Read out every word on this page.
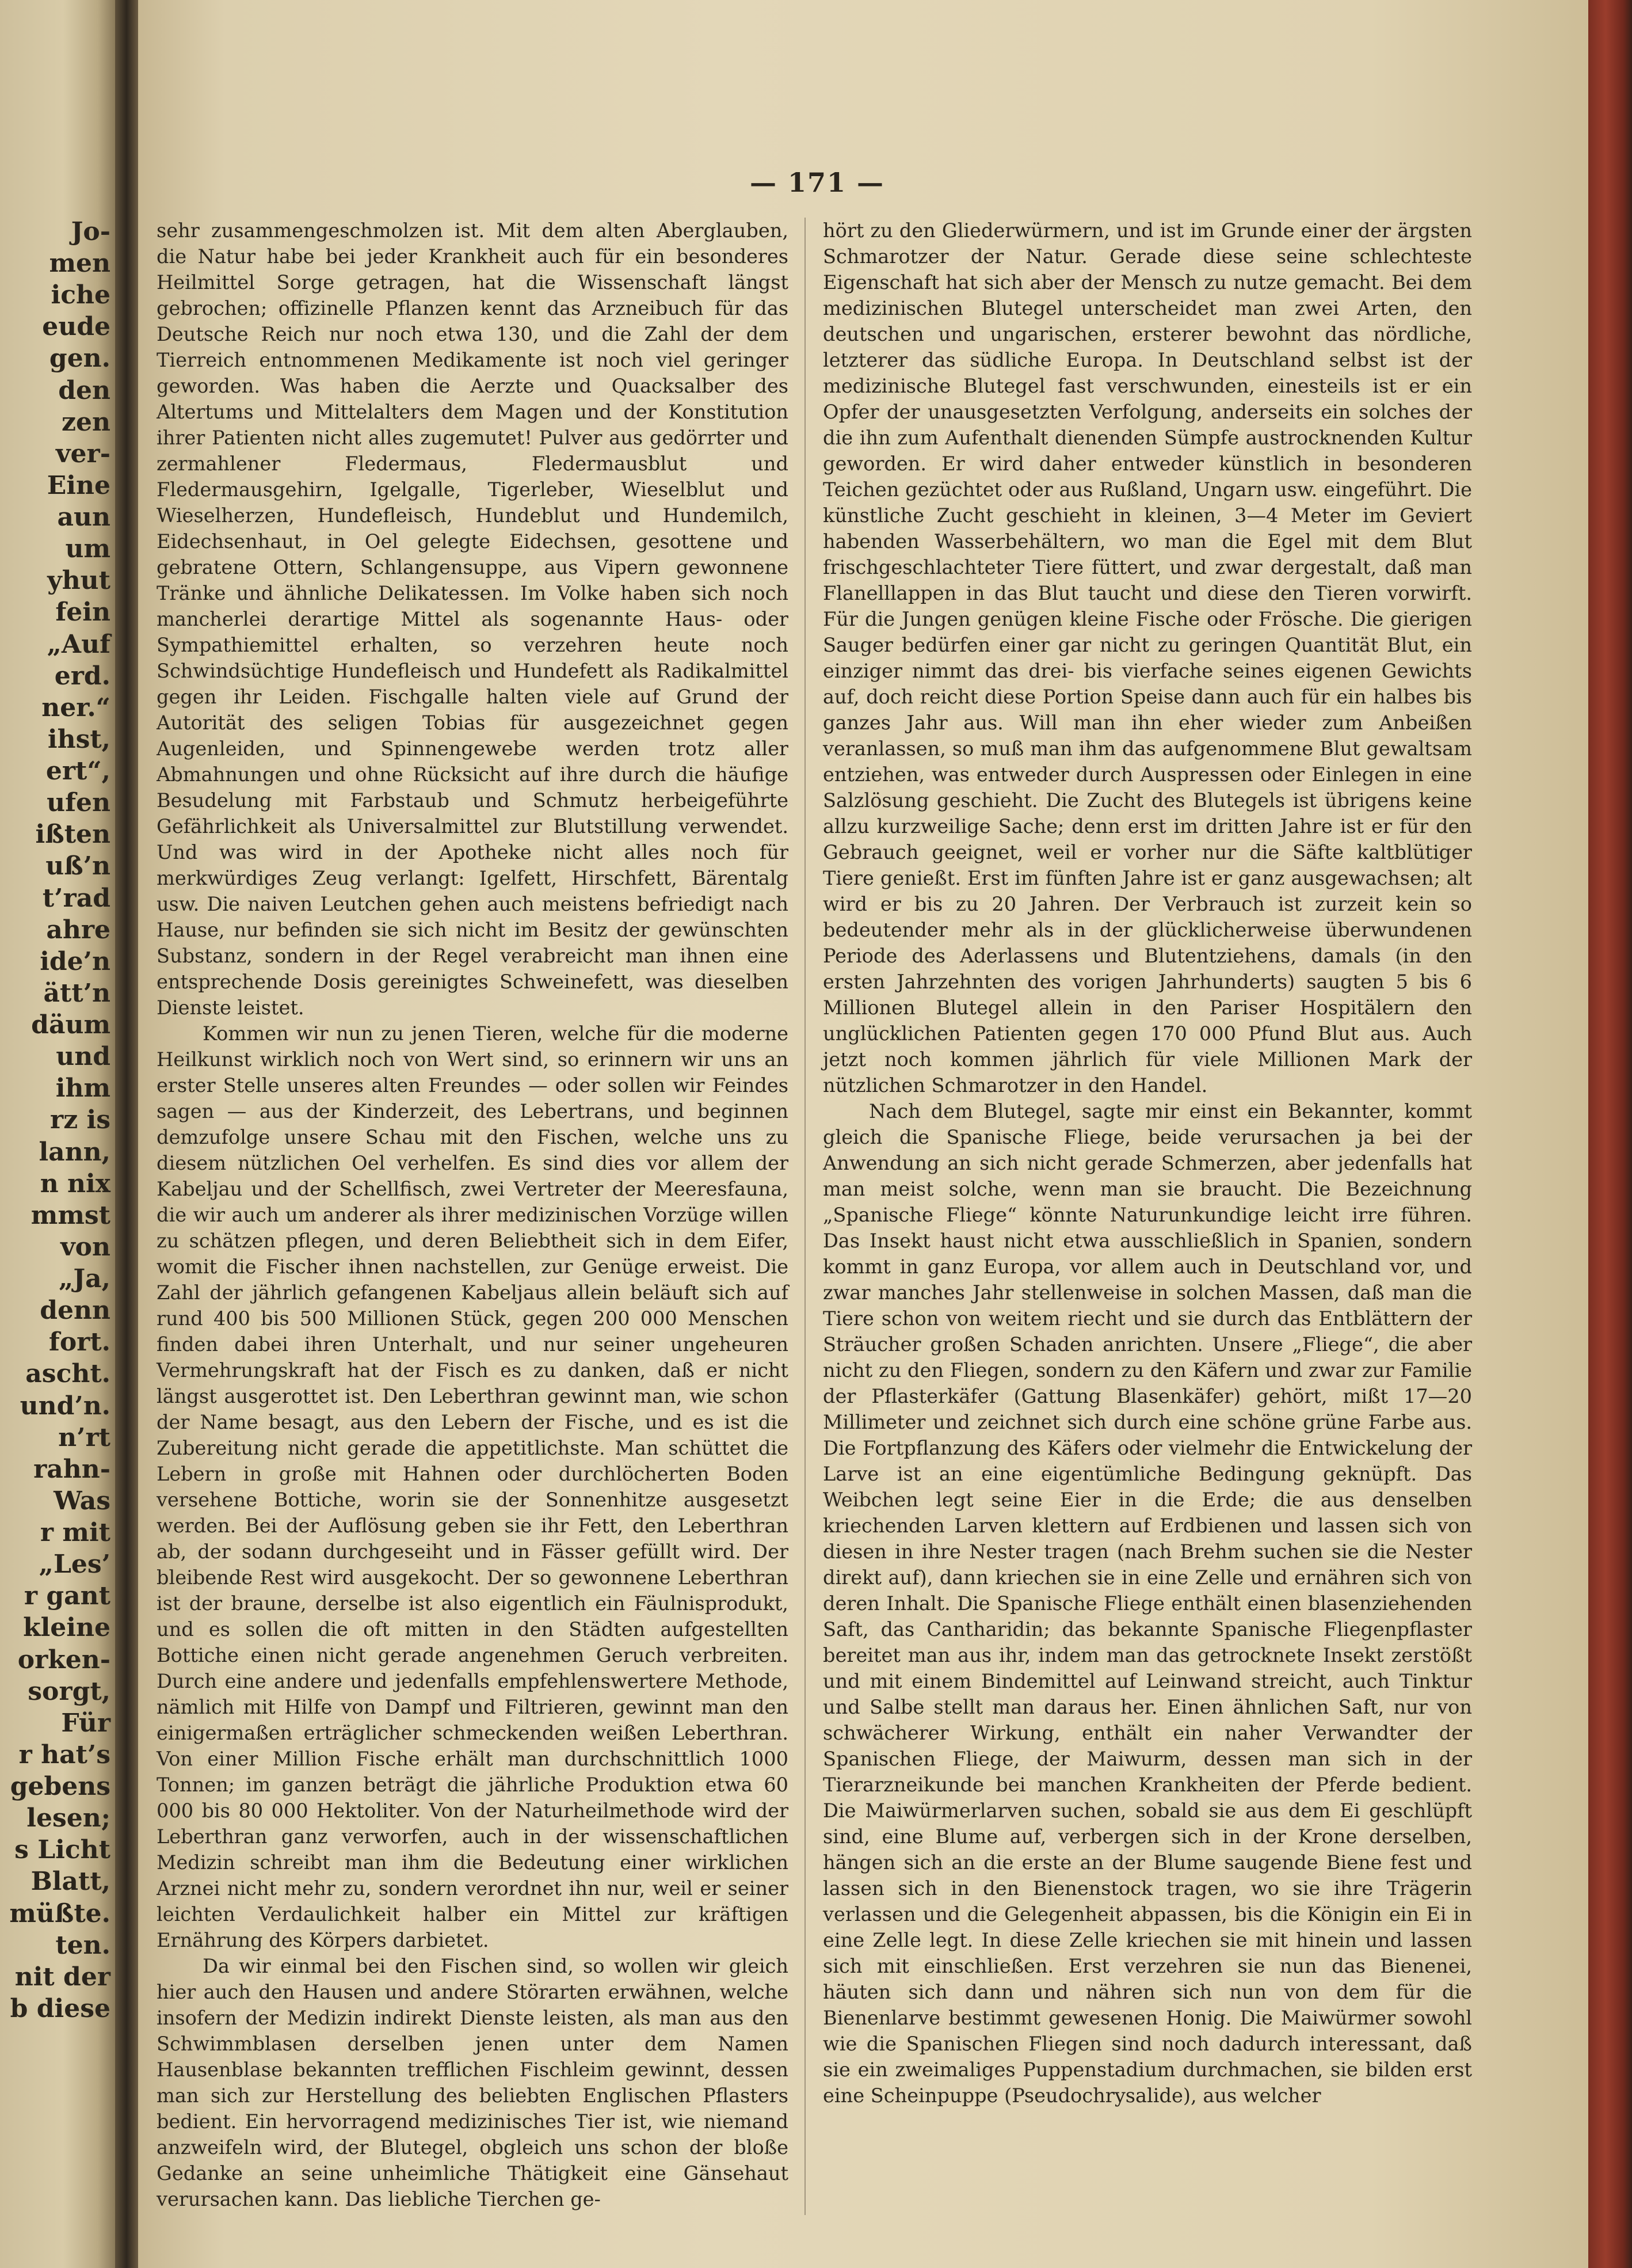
Jo-
men
iche
eude
gen.
den
zen
ver-
Eine
aun
um
yhut
fein
„Auf
erd.
ner.“
ihst,
ert“,
ufen
ißten
uß’n
t’rad
ahre
ide’n
ätt’n
däum
und
ihm
rz is
lann,
n nix
mmst
von
„Ja,
denn
fort.
ascht.
und’n.
n’rt
rahn-
Was
r mit
„Les’
r gant
kleine
orken-
sorgt,
Für
r hat’s
gebens
lesen;
s Licht
Blatt,
müßte.
ten.
nit der
b diese
— 171 —

sehr zusammengeschmolzen ist. Mit dem alten Aberglauben, die Natur habe bei jeder Krankheit auch für ein besonderes Heilmittel Sorge getragen, hat die Wissenschaft längst gebrochen; offizinelle Pflanzen kennt das Arzneibuch für das Deutsche Reich nur noch etwa 130, und die Zahl der dem Tierreich entnommenen Medikamente ist noch viel geringer geworden. Was haben die Aerzte und Quacksalber des Altertums und Mittelalters dem Magen und der Konstitution ihrer Patienten nicht alles zugemutet! Pulver aus gedörrter und zermahlener Fledermaus, Fledermausblut und Fledermausgehirn, Igelgalle, Tigerleber, Wieselblut und Wieselherzen, Hundefleisch, Hundeblut und Hundemilch, Eidechsenhaut, in Oel gelegte Eidechsen, gesottene und gebratene Ottern, Schlangensuppe, aus Vipern gewonnene Tränke und ähnliche Delikatessen. Im Volke haben sich noch mancherlei derartige Mittel als sogenannte Haus- oder Sympathiemittel erhalten, so verzehren heute noch Schwindsüchtige Hundefleisch und Hundefett als Radikalmittel gegen ihr Leiden. Fischgalle halten viele auf Grund der Autorität des seligen Tobias für ausgezeichnet gegen Augenleiden, und Spinnengewebe werden trotz aller Abmahnungen und ohne Rücksicht auf ihre durch die häufige Besudelung mit Farbstaub und Schmutz herbeigeführte Gefährlichkeit als Universalmittel zur Blutstillung verwendet. Und was wird in der Apotheke nicht alles noch für merkwürdiges Zeug verlangt: Igelfett, Hirschfett, Bärentalg usw. Die naiven Leutchen gehen auch meistens befriedigt nach Hause, nur befinden sie sich nicht im Besitz der gewünschten Substanz, sondern in der Regel verabreicht man ihnen eine entsprechende Dosis gereinigtes Schweinefett, was dieselben Dienste leistet.

Kommen wir nun zu jenen Tieren, welche für die moderne Heilkunst wirklich noch von Wert sind, so erinnern wir uns an erster Stelle unseres alten Freundes — oder sollen wir Feindes sagen — aus der Kinderzeit, des Lebertrans, und beginnen demzufolge unsere Schau mit den Fischen, welche uns zu diesem nützlichen Oel verhelfen. Es sind dies vor allem der Kabeljau und der Schellfisch, zwei Vertreter der Meeresfauna, die wir auch um anderer als ihrer medizinischen Vorzüge willen zu schätzen pflegen, und deren Beliebtheit sich in dem Eifer, womit die Fischer ihnen nachstellen, zur Genüge erweist. Die Zahl der jährlich gefangenen Kabeljaus allein beläuft sich auf rund 400 bis 500 Millionen Stück, gegen 200 000 Menschen finden dabei ihren Unterhalt, und nur seiner ungeheuren Vermehrungskraft hat der Fisch es zu danken, daß er nicht längst ausgerottet ist. Den Leberthran gewinnt man, wie schon der Name besagt, aus den Lebern der Fische, und es ist die Zubereitung nicht gerade die appetitlichste. Man schüttet die Lebern in große mit Hahnen oder durchlöcherten Boden versehene Bottiche, worin sie der Sonnenhitze ausgesetzt werden. Bei der Auflösung geben sie ihr Fett, den Leberthran ab, der sodann durchgeseiht und in Fässer gefüllt wird. Der bleibende Rest wird ausgekocht. Der so gewonnene Leberthran ist der braune, derselbe ist also eigentlich ein Fäulnisprodukt, und es sollen die oft mitten in den Städten aufgestellten Bottiche einen nicht gerade angenehmen Geruch verbreiten. Durch eine andere und jedenfalls empfehlenswertere Methode, nämlich mit Hilfe von Dampf und Filtrieren, gewinnt man den einigermaßen erträglicher schmeckenden weißen Leberthran. Von einer Million Fische erhält man durchschnittlich 1000 Tonnen; im ganzen beträgt die jährliche Produktion etwa 60 000 bis 80 000 Hektoliter. Von der Naturheilmethode wird der Leberthran ganz verworfen, auch in der wissenschaftlichen Medizin schreibt man ihm die Bedeutung einer wirklichen Arznei nicht mehr zu, sondern verordnet ihn nur, weil er seiner leichten Verdaulichkeit halber ein Mittel zur kräftigen Ernährung des Körpers darbietet.

Da wir einmal bei den Fischen sind, so wollen wir gleich hier auch den Hausen und andere Störarten erwähnen, welche insofern der Medizin indirekt Dienste leisten, als man aus den Schwimmblasen derselben jenen unter dem Namen Hausenblase bekannten trefflichen Fischleim gewinnt, dessen man sich zur Herstellung des beliebten Englischen Pflasters bedient. Ein hervorragend medizinisches Tier ist, wie niemand anzweifeln wird, der Blutegel, obgleich uns schon der bloße Gedanke an seine unheimliche Thätigkeit eine Gänsehaut verursachen kann. Das liebliche Tierchen ge-

hört zu den Gliederwürmern, und ist im Grunde einer der ärgsten Schmarotzer der Natur. Gerade diese seine schlechteste Eigenschaft hat sich aber der Mensch zu nutze gemacht. Bei dem medizinischen Blutegel unterscheidet man zwei Arten, den deutschen und ungarischen, ersterer bewohnt das nördliche, letzterer das südliche Europa. In Deutschland selbst ist der medizinische Blutegel fast verschwunden, einesteils ist er ein Opfer der unausgesetzten Verfolgung, anderseits ein solches der die ihn zum Aufenthalt dienenden Sümpfe austrocknenden Kultur geworden. Er wird daher entweder künstlich in besonderen Teichen gezüchtet oder aus Rußland, Ungarn usw. eingeführt. Die künstliche Zucht geschieht in kleinen, 3—4 Meter im Geviert habenden Wasserbehältern, wo man die Egel mit dem Blut frischgeschlachteter Tiere füttert, und zwar dergestalt, daß man Flanelllappen in das Blut taucht und diese den Tieren vorwirft. Für die Jungen genügen kleine Fische oder Frösche. Die gierigen Sauger bedürfen einer gar nicht zu geringen Quantität Blut, ein einziger nimmt das drei- bis vierfache seines eigenen Gewichts auf, doch reicht diese Portion Speise dann auch für ein halbes bis ganzes Jahr aus. Will man ihn eher wieder zum Anbeißen veranlassen, so muß man ihm das aufgenommene Blut gewaltsam entziehen, was entweder durch Auspressen oder Einlegen in eine Salzlösung geschieht. Die Zucht des Blutegels ist übrigens keine allzu kurzweilige Sache; denn erst im dritten Jahre ist er für den Gebrauch geeignet, weil er vorher nur die Säfte kaltblütiger Tiere genießt. Erst im fünften Jahre ist er ganz ausgewachsen; alt wird er bis zu 20 Jahren. Der Verbrauch ist zurzeit kein so bedeutender mehr als in der glücklicherweise überwundenen Periode des Aderlassens und Blutentziehens, damals (in den ersten Jahrzehnten des vorigen Jahrhunderts) saugten 5 bis 6 Millionen Blutegel allein in den Pariser Hospitälern den unglücklichen Patienten gegen 170 000 Pfund Blut aus. Auch jetzt noch kommen jährlich für viele Millionen Mark der nützlichen Schmarotzer in den Handel.

Nach dem Blutegel, sagte mir einst ein Bekannter, kommt gleich die Spanische Fliege, beide verursachen ja bei der Anwendung an sich nicht gerade Schmerzen, aber jedenfalls hat man meist solche, wenn man sie braucht. Die Bezeichnung „Spanische Fliege“ könnte Naturunkundige leicht irre führen. Das Insekt haust nicht etwa ausschließlich in Spanien, sondern kommt in ganz Europa, vor allem auch in Deutschland vor, und zwar manches Jahr stellenweise in solchen Massen, daß man die Tiere schon von weitem riecht und sie durch das Entblättern der Sträucher großen Schaden anrichten. Unsere „Fliege“, die aber nicht zu den Fliegen, sondern zu den Käfern und zwar zur Familie der Pflasterkäfer (Gattung Blasenkäfer) gehört, mißt 17—20 Millimeter und zeichnet sich durch eine schöne grüne Farbe aus. Die Fortpflanzung des Käfers oder vielmehr die Entwickelung der Larve ist an eine eigentümliche Bedingung geknüpft. Das Weibchen legt seine Eier in die Erde; die aus denselben kriechenden Larven klettern auf Erdbienen und lassen sich von diesen in ihre Nester tragen (nach Brehm suchen sie die Nester direkt auf), dann kriechen sie in eine Zelle und ernähren sich von deren Inhalt. Die Spanische Fliege enthält einen blasenziehenden Saft, das Cantharidin; das bekannte Spanische Fliegenpflaster bereitet man aus ihr, indem man das getrocknete Insekt zerstößt und mit einem Bindemittel auf Leinwand streicht, auch Tinktur und Salbe stellt man daraus her. Einen ähnlichen Saft, nur von schwächerer Wirkung, enthält ein naher Verwandter der Spanischen Fliege, der Maiwurm, dessen man sich in der Tierarzneikunde bei manchen Krankheiten der Pferde bedient. Die Maiwürmerlarven suchen, sobald sie aus dem Ei geschlüpft sind, eine Blume auf, verbergen sich in der Krone derselben, hängen sich an die erste an der Blume saugende Biene fest und lassen sich in den Bienenstock tragen, wo sie ihre Trägerin verlassen und die Gelegenheit abpassen, bis die Königin ein Ei in eine Zelle legt. In diese Zelle kriechen sie mit hinein und lassen sich mit einschließen. Erst verzehren sie nun das Bienenei, häuten sich dann und nähren sich nun von dem für die Bienenlarve bestimmt gewesenen Honig. Die Maiwürmer sowohl wie die Spanischen Fliegen sind noch dadurch interessant, daß sie ein zweimaliges Puppenstadium durchmachen, sie bilden erst eine Scheinpuppe (Pseudochrysalide), aus welcher
